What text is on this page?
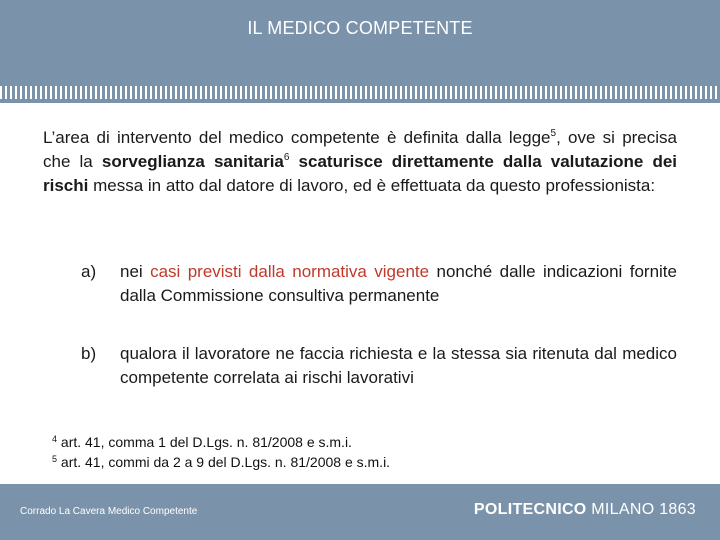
IL MEDICO COMPETENTE
L’area di intervento del medico competente è definita dalla legge$^5$, ove si precisa che la sorveglianza sanitaria$^6$ scaturisce direttamente dalla valutazione dei rischi messa in atto dal datore di lavoro, ed è effettuata da questo professionista:
a) nei casi previsti dalla normativa vigente nonché dalle indicazioni fornite dalla Commissione consultiva permanente
b) qualora il lavoratore ne faccia richiesta e la stessa sia ritenuta dal medico competente correlata ai rischi lavorativi
$^4$ art. 41, comma 1 del D.Lgs. n. 81/2008 e s.m.i.
$^5$ art. 41, commi da 2 a 9 del D.Lgs. n. 81/2008 e s.m.i.
Corrado La Cavera Medico Competente	POLITECNICO MILANO 1863
